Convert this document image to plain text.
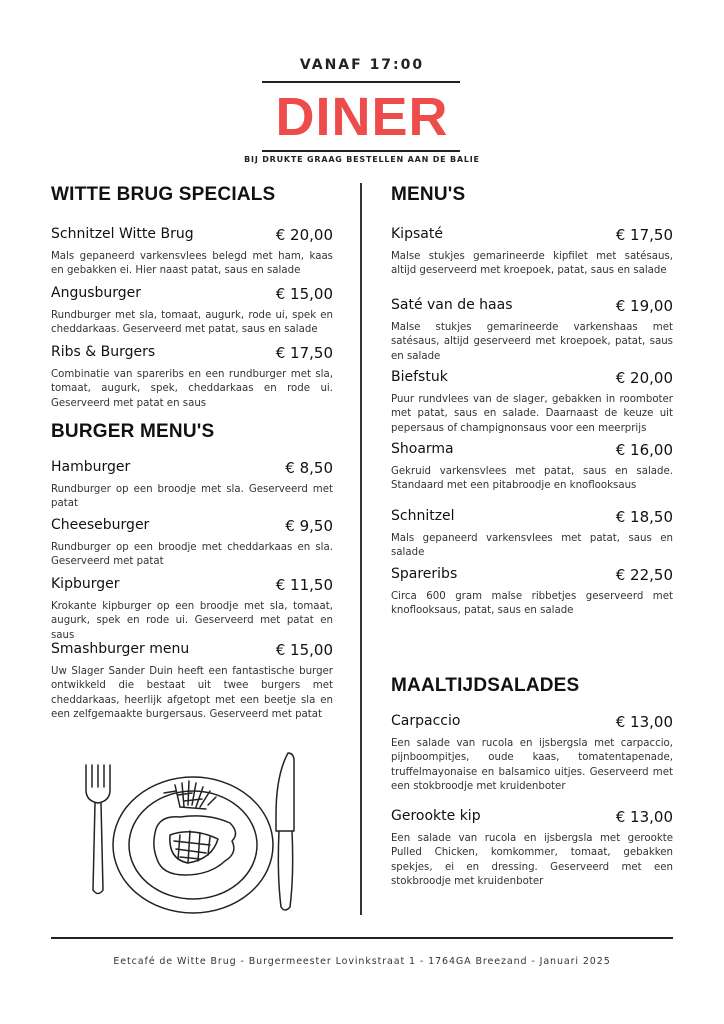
VANAF 17:00
DINER
BIJ DRUKTE GRAAG BESTELLEN AAN DE BALIE
WITTE BRUG SPECIALS
Schnitzel Witte Brug	€ 20,00
Mals gepaneerd varkensvlees belegd met ham, kaas en gebakken ei. Hier naast patat, saus en salade
Angusburger	€ 15,00
Rundburger met sla, tomaat, augurk, rode ui, spek en cheddarkaas. Geserveerd met patat, saus en salade
Ribs & Burgers	€ 17,50
Combinatie van spareribs en een rundburger met sla, tomaat, augurk, spek, cheddarkaas en rode ui. Geserveerd met patat en saus
BURGER MENU'S
Hamburger	€ 8,50
Rundburger op een broodje met sla. Geserveerd met patat
Cheeseburger	€ 9,50
Rundburger op een broodje met cheddarkaas en sla. Geserveerd met patat
Kipburger	€ 11,50
Krokante kipburger op een broodje met sla, tomaat, augurk, spek en rode ui. Geserveerd met patat en saus
Smashburger menu	€ 15,00
Uw Slager Sander Duin heeft een fantastische burger ontwikkeld die bestaat uit twee burgers met cheddarkaas, heerlijk afgetopt met een beetje sla en een zelfgemaakte burgersaus. Geserveerd met patat
MENU'S
Kipsaté	€ 17,50
Malse stukjes gemarineerde kipfilet met satésaus, altijd geserveerd met kroepoek, patat, saus en salade
Saté van de haas	€ 19,00
Malse stukjes gemarineerde varkenshaas met satésaus, altijd geserveerd met kroepoek, patat, saus en salade
Biefstuk	€ 20,00
Puur rundvlees van de slager, gebakken in roomboter met patat, saus en salade. Daarnaast de keuze uit pepersaus of champignonsaus voor een meerprijs
Shoarma	€ 16,00
Gekruid varkensvlees met patat, saus en salade. Standaard met een pitabroodje en knoflooksaus
Schnitzel	€ 18,50
Mals gepaneerd varkensvlees met patat, saus en salade
Spareribs	€ 22,50
Circa 600 gram malse ribbetjes geserveerd met knoflooksaus, patat, saus en salade
MAALTIJDSALADES
Carpaccio	€ 13,00
Een salade van rucola en ijsbergsla met carpaccio, pijnboompitjes, oude kaas, tomatentapenade, truffelmayonaise en balsamico uitjes. Geserveerd met een stokbroodje met kruidenboter
Gerookte kip	€ 13,00
Een salade van rucola en ijsbergsla met gerookte Pulled Chicken, komkommer, tomaat, gebakken spekjes, ei en dressing. Geserveerd met een stokbroodje met kruidenboter
Eetcafé de Witte Brug - Burgermeester Lovinkstraat 1 - 1764GA Breezand - Januari 2025
